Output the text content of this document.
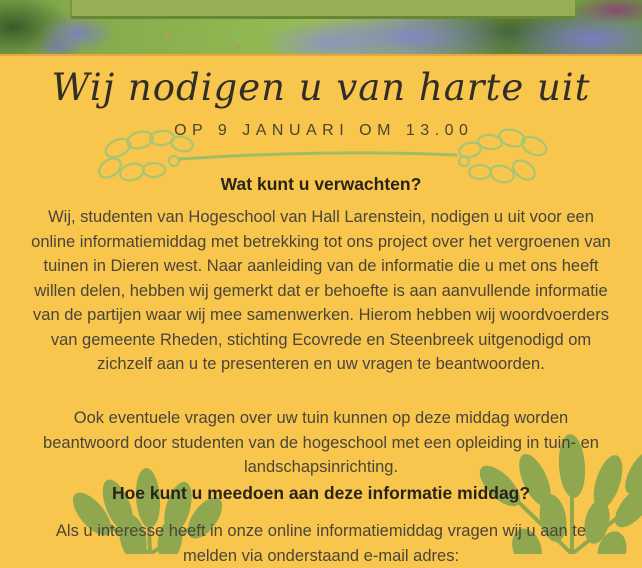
Wij nodigen u van harte uit
OP 9 JANUARI OM 13.00
Wat kunt u verwachten?

Wij, studenten van Hogeschool van Hall Larenstein, nodigen u uit voor een online informatiemiddag met betrekking tot ons project over het vergroenen van tuinen in Dieren west. Naar aanleiding van de informatie die u met ons heeft willen delen, hebben wij gemerkt dat er behoefte is aan aanvullende informatie van de partijen waar wij mee samenwerken. Hierom hebben wij woordvoerders van gemeente Rheden, stichting Ecovrede en Steenbreek uitgenodigd om zichzelf aan u te presenteren en uw vragen te beantwoorden.

Ook eventuele vragen over uw tuin kunnen op deze middag worden beantwoord door studenten van de hogeschool met een opleiding in tuin- en landschapsinrichting.

Hoe kunt u meedoen aan deze informatie middag?

Als u interesse heeft in onze online informatiemiddag vragen wij u aan te melden via onderstaand e-mail adres:
